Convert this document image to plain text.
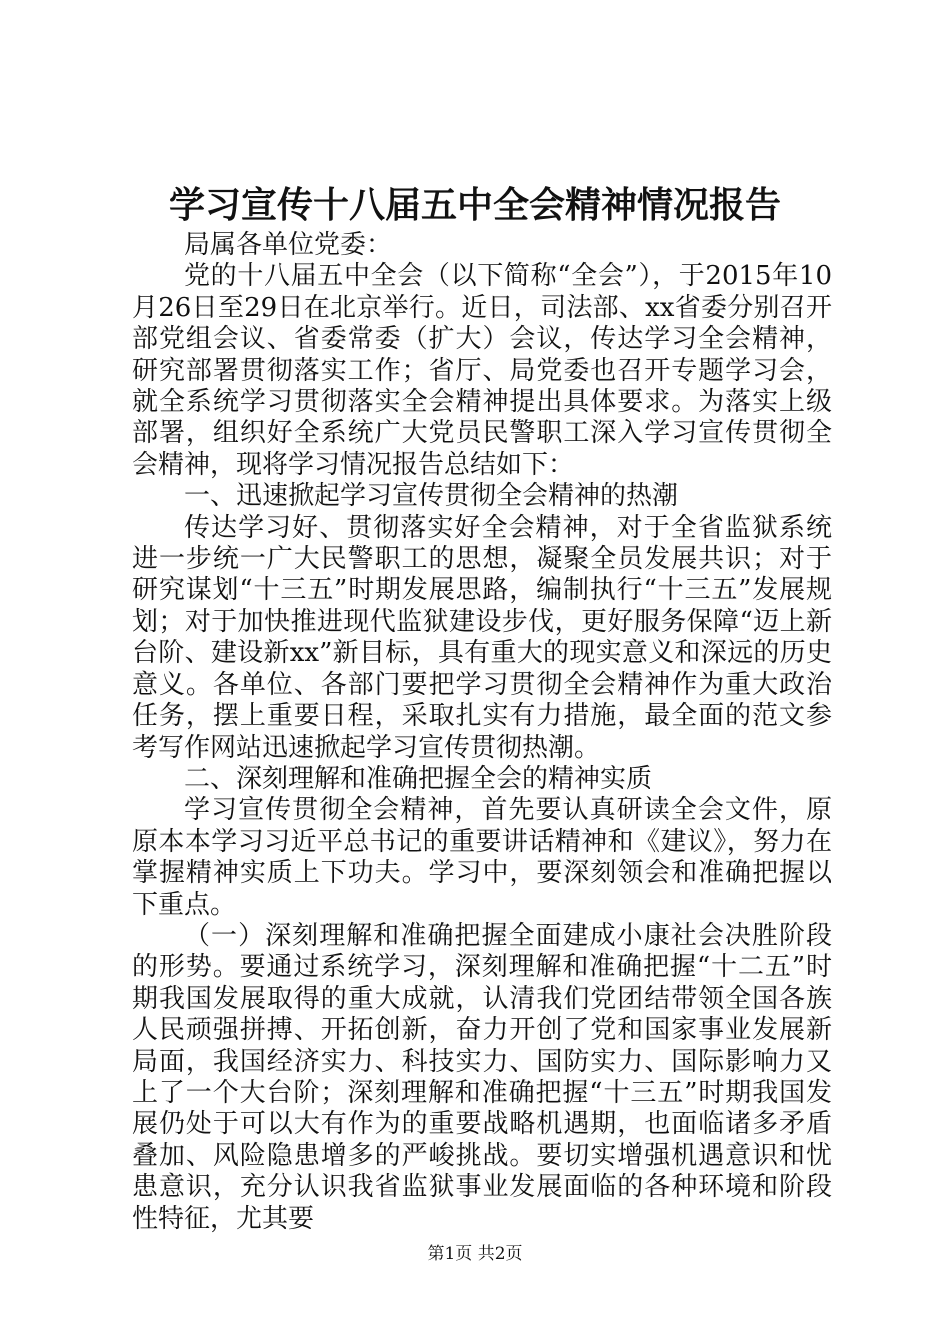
学习宣传十八届五中全会精神情况报告

局属各单位党委：

党的十八届五中全会（以下简称“全会”），于2015年10月26日至29日在北京举行。近日，司法部、xx省委分别召开部党组会议、省委常委（扩大）会议，传达学习全会精神，研究部署贯彻落实工作；省厅、局党委也召开专题学习会，就全系统学习贯彻落实全会精神提出具体要求。为落实上级部署，组织好全系统广大党员民警职工深入学习宣传贯彻全会精神，现将学习情况报告总结如下：

一、迅速掀起学习宣传贯彻全会精神的热潮

传达学习好、贯彻落实好全会精神，对于全省监狱系统进一步统一广大民警职工的思想，凝聚全员发展共识；对于研究谋划“十三五”时期发展思路，编制执行“十三五”发展规划；对于加快推进现代监狱建设步伐，更好服务保障“迈上新台阶、建设新xx”新目标，具有重大的现实意义和深远的历史意义。各单位、各部门要把学习贯彻全会精神作为重大政治任务，摆上重要日程，采取扎实有力措施，最全面的范文参考写作网站迅速掀起学习宣传贯彻热潮。

二、深刻理解和准确把握全会的精神实质

学习宣传贯彻全会精神，首先要认真研读全会文件，原原本本学习习近平总书记的重要讲话精神和《建议》，努力在掌握精神实质上下功夫。学习中，要深刻领会和准确把握以下重点。

（一）深刻理解和准确把握全面建成小康社会决胜阶段的形势。要通过系统学习，深刻理解和准确把握“十二五”时期我国发展取得的重大成就，认清我们党团结带领全国各族人民顽强拼搏、开拓创新，奋力开创了党和国家事业发展新局面，我国经济实力、科技实力、国防实力、国际影响力又上了一个大台阶；深刻理解和准确把握“十三五”时期我国发展仍处于可以大有作为的重要战略机遇期，也面临诸多矛盾叠加、风险隐患增多的严峻挑战。要切实增强机遇意识和忧患意识，充分认识我省监狱事业发展面临的各种环境和阶段性特征，尤其要

第1页 共2页
